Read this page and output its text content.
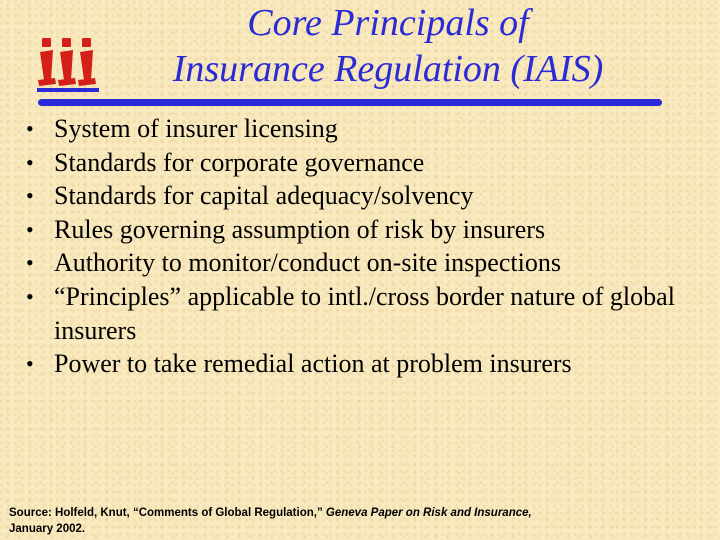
Core Principals of
Insurance Regulation (IAIS)
• System of insurer licensing
• Standards for corporate governance
• Standards for capital adequacy/solvency
• Rules governing assumption of risk by insurers
• Authority to monitor/conduct on-site inspections
• “Principles” applicable to intl./cross border nature of global insurers
• Power to take remedial action at problem insurers
Source: Holfeld, Knut, “Comments of Global Regulation,” Geneva Paper on Risk and Insurance,
January 2002.
